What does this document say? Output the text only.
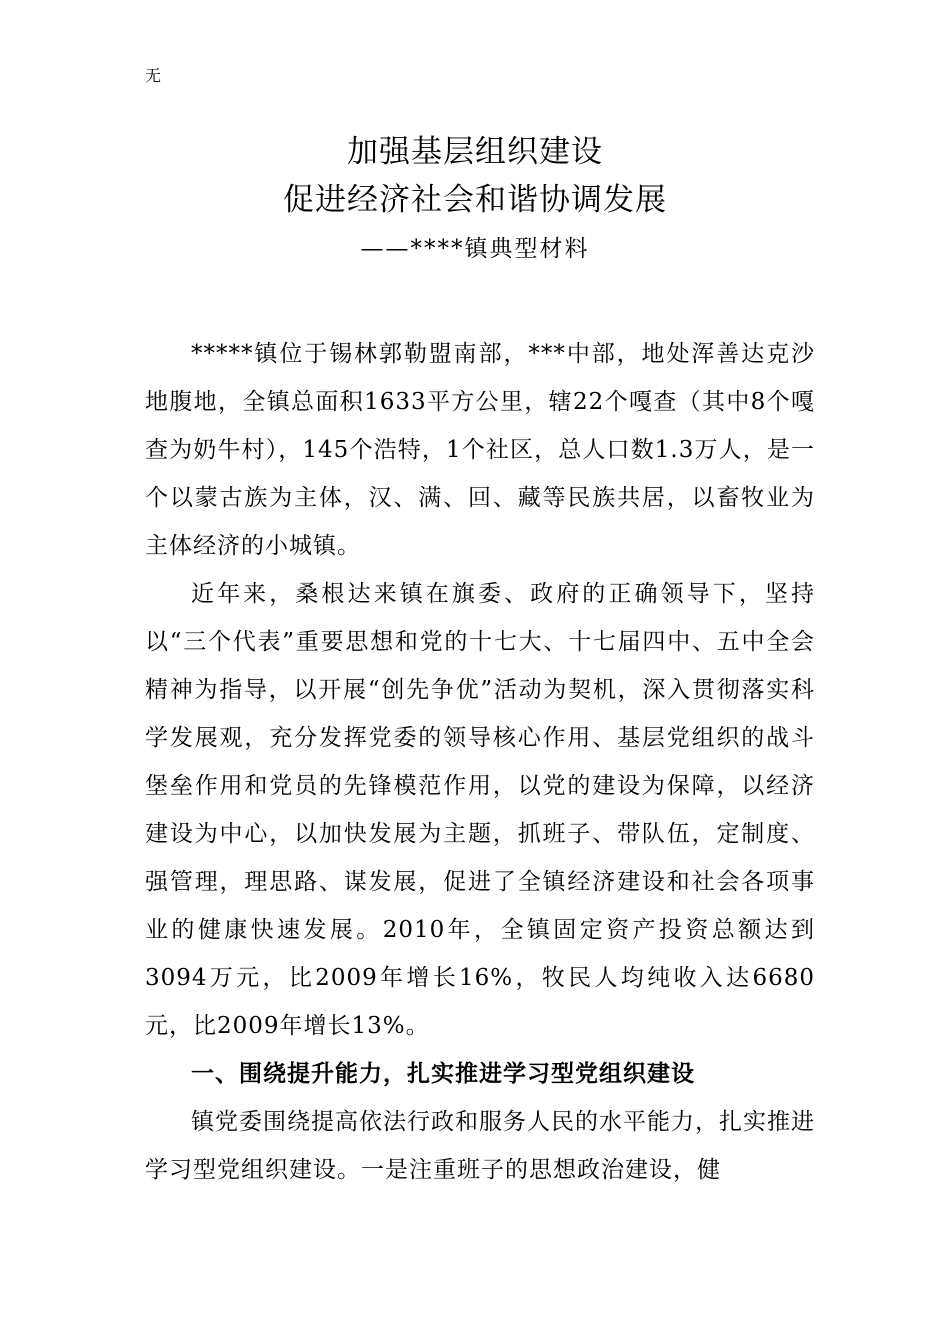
无
加强基层组织建设
促进经济社会和谐协调发展
——****镇典型材料

*****镇位于锡林郭勒盟南部，***中部，地处浑善达克沙地腹地，全镇总面积1633平方公里，辖22个嘎查（其中8个嘎查为奶牛村），145个浩特，1个社区，总人口数1.3万人，是一个以蒙古族为主体，汉、满、回、藏等民族共居，以畜牧业为主体经济的小城镇。

近年来，桑根达来镇在旗委、政府的正确领导下，坚持以“三个代表”重要思想和党的十七大、十七届四中、五中全会精神为指导，以开展“创先争优”活动为契机，深入贯彻落实科学发展观，充分发挥党委的领导核心作用、基层党组织的战斗堡垒作用和党员的先锋模范作用，以党的建设为保障，以经济建设为中心，以加快发展为主题，抓班子、带队伍，定制度、强管理，理思路、谋发展，促进了全镇经济建设和社会各项事业的健康快速发展。2010年，全镇固定资产投资总额达到3094万元，比2009年增长16%，牧民人均纯收入达6680元，比2009年增长13%。

一、围绕提升能力，扎实推进学习型党组织建设

镇党委围绕提高依法行政和服务人民的水平能力，扎实推进学习型党组织建设。一是注重班子的思想政治建设，健
